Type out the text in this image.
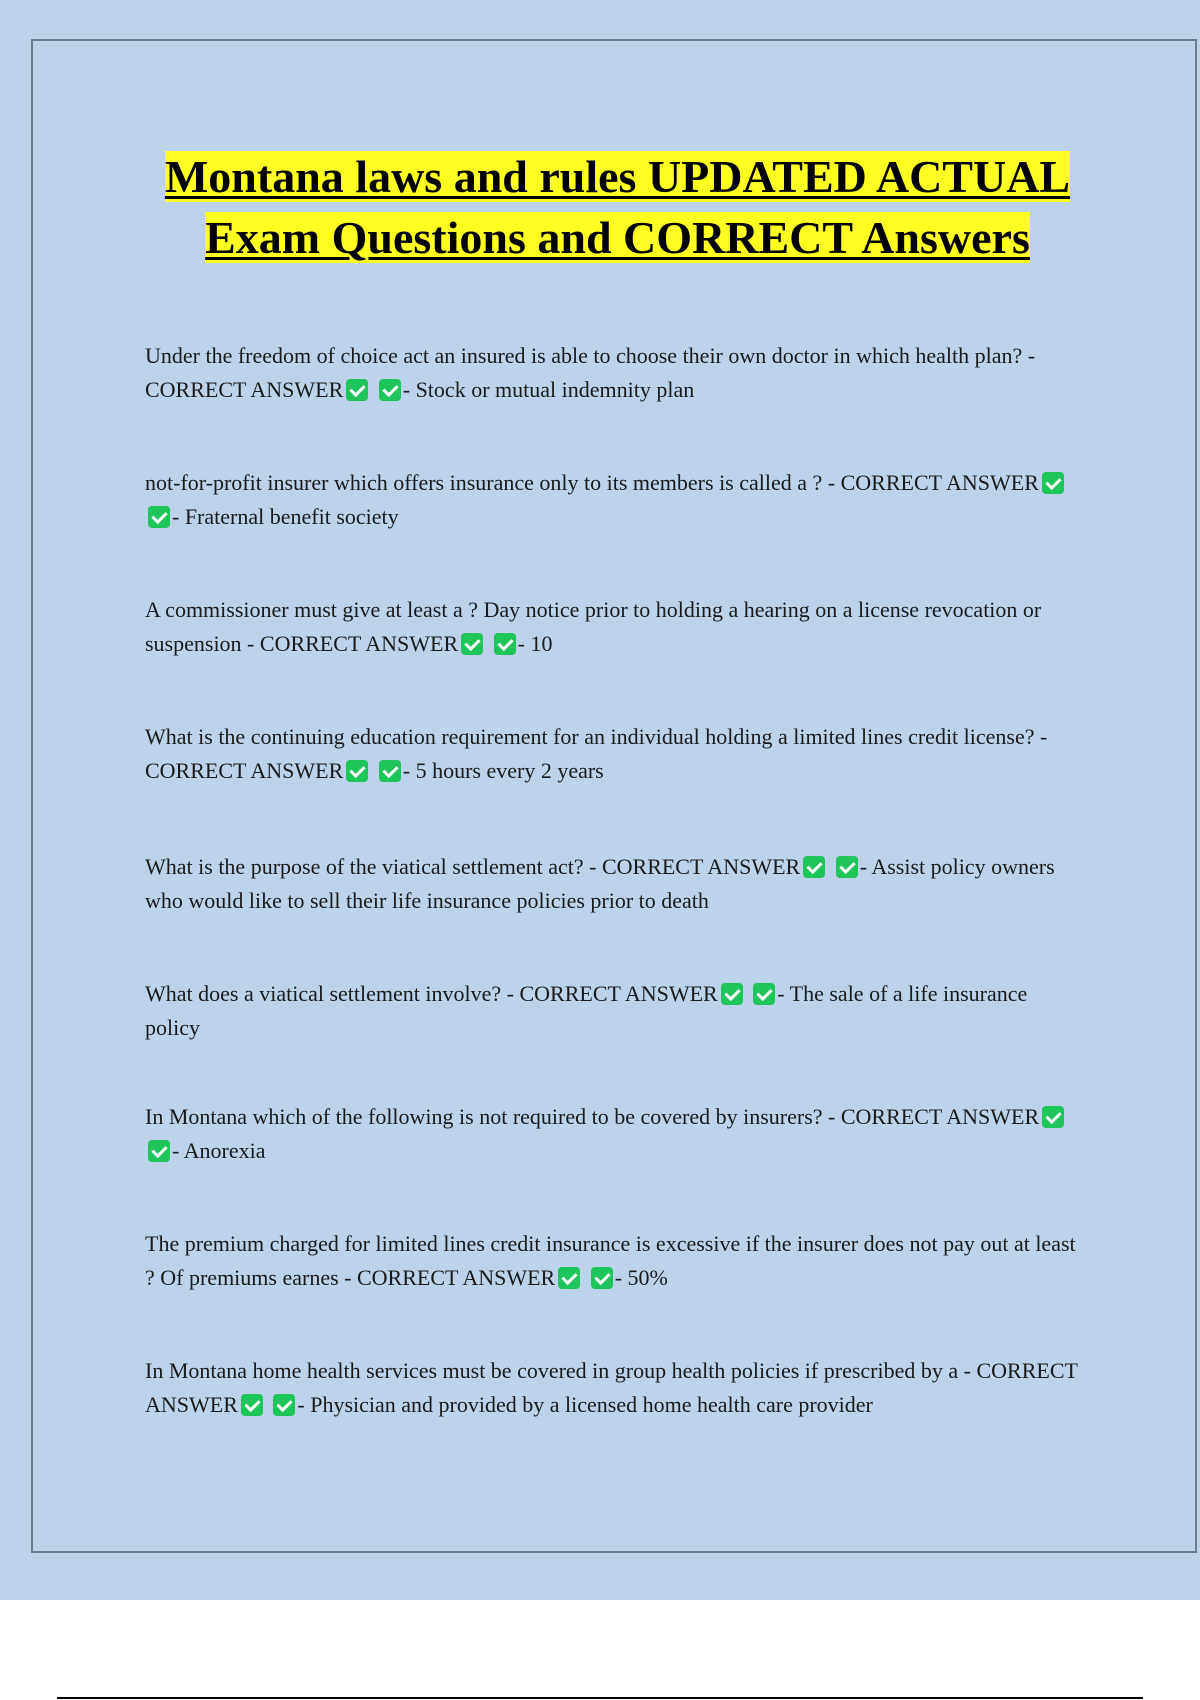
Montana laws and rules UPDATED ACTUAL Exam Questions and CORRECT Answers

Under the freedom of choice act an insured is able to choose their own doctor in which health plan? - CORRECT ANSWER	- Stock or mutual indemnity plan

not-for-profit insurer which offers insurance only to its members is called a ? - CORRECT ANSWER - Fraternal benefit society

A commissioner must give at least a ? Day notice prior to holding a hearing on a license revocation or suspension - CORRECT ANSWER	- 10

What is the continuing education requirement for an individual holding a limited lines credit license? - CORRECT ANSWER	- 5 hours every 2 years

What is the purpose of the viatical settlement act? - CORRECT ANSWER	- Assist policy owners who would like to sell their life insurance policies prior to death

What does a viatical settlement involve? - CORRECT ANSWER	- The sale of a life insurance policy

In Montana which of the following is not required to be covered by insurers? - CORRECT ANSWER - Anorexia

The premium charged for limited lines credit insurance is excessive if the insurer does not pay out at least ? Of premiums earnes - CORRECT ANSWER	- 50%

In Montana home health services must be covered in group health policies if prescribed by a - CORRECT ANSWER	- Physician and provided by a licensed home health care provider
